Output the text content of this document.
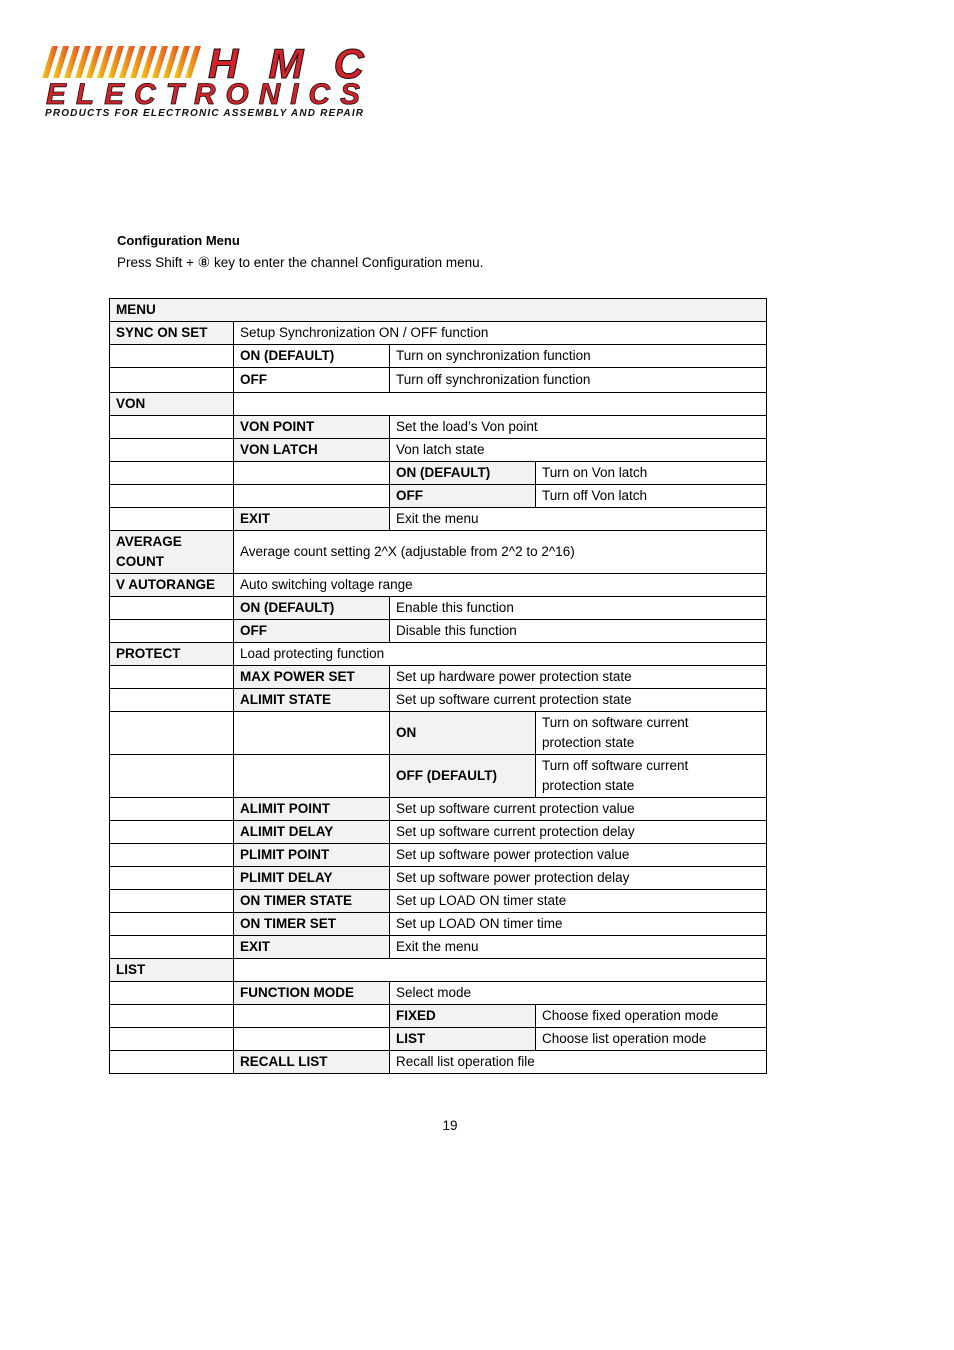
HMC
ELECTRONICS
PRODUCTS FOR ELECTRONIC ASSEMBLY AND REPAIR
Configuration Menu
Press Shift + ⑧ key to enter the channel Configuration menu.
MENU			
SYNC ON SET	Setup Synchronization ON / OFF function		
	ON (DEFAULT)	Turn on synchronization function	
	OFF	Turn off synchronization function	
VON			
	VON POINT	Set the load’s Von point	
	VON LATCH	Von latch state	
		ON (DEFAULT)	Turn on Von latch
		OFF	Turn off Von latch
	EXIT	Exit the menu	
AVERAGE
COUNT	Average count setting 2^X (adjustable from 2^2 to 2^16)		
V AUTORANGE	Auto switching voltage range		
	ON (DEFAULT)	Enable this function	
	OFF	Disable this function	
PROTECT	Load protecting function		
	MAX POWER SET	Set up hardware power protection state	
	ALIMIT STATE	Set up software current protection state	
		ON	Turn on software current
protection state
		OFF (DEFAULT)	Turn off software current
protection state
	ALIMIT POINT	Set up software current protection value	
	ALIMIT DELAY	Set up software current protection delay	
	PLIMIT POINT	Set up software power protection value	
	PLIMIT DELAY	Set up software power protection delay	
	ON TIMER STATE	Set up LOAD ON timer state	
	ON TIMER SET	Set up LOAD ON timer time	
	EXIT	Exit the menu	
LIST			
	FUNCTION MODE	Select mode	
		FIXED	Choose fixed operation mode
		LIST	Choose list operation mode
	RECALL LIST	Recall list operation file	
19
